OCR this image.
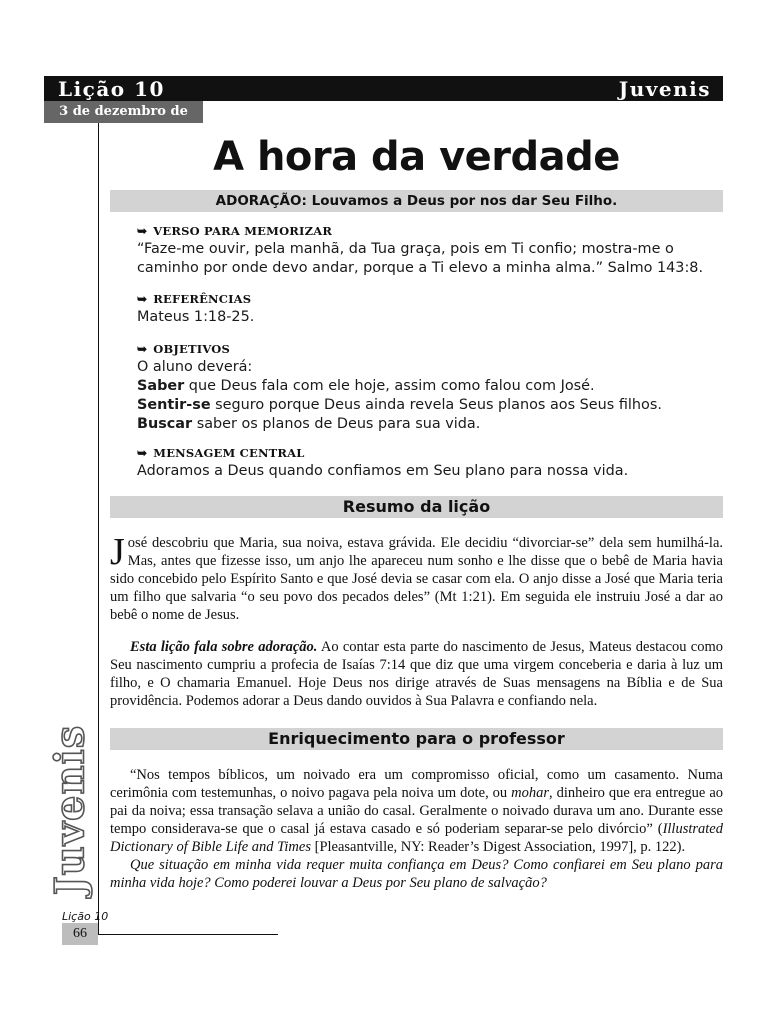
Lição 10	Juvenis
3 de dezembro de 2022
A hora da verdade
ADORAÇÃO: Louvamos a Deus por nos dar Seu Filho.
➥ VERSO PARA MEMORIZAR

“Faze-me ouvir, pela manhã, da Tua graça, pois em Ti confio; mostra-me o caminho por onde devo andar, porque a Ti elevo a minha alma.” Salmo 143:8.

➥ REFERÊNCIAS

Mateus 1:18-25.

➥ OBJETIVOS

O aluno deverá:

Saber que Deus fala com ele hoje, assim como falou com José.

Sentir-se seguro porque Deus ainda revela Seus planos aos Seus filhos.

Buscar saber os planos de Deus para sua vida.

➥ MENSAGEM CENTRAL

Adoramos a Deus quando confiamos em Seu plano para nossa vida.

Resumo da lição

José descobriu que Maria, sua noiva, estava grávida. Ele decidiu “divorciar-se” dela sem humilhá-la. Mas, antes que fizesse isso, um anjo lhe apareceu num sonho e lhe disse que o bebê de Maria havia sido concebido pelo Espírito Santo e que José devia se casar com ela. O anjo disse a José que Maria teria um filho que salvaria “o seu povo dos pecados deles” (Mt 1:21). Em seguida ele instruiu José a dar ao bebê o nome de Jesus.

Esta lição fala sobre adoração. Ao contar esta parte do nascimento de Jesus, Mateus destacou como Seu nascimento cumpriu a profecia de Isaías 7:14 que diz que uma virgem conceberia e daria à luz um filho, e O chamaria Emanuel. Hoje Deus nos dirige através de Suas mensagens na Bíblia e de Sua providência. Podemos adorar a Deus dando ouvidos à Sua Palavra e confiando nela.

Enriquecimento para o professor

“Nos tempos bíblicos, um noivado era um compromisso oficial, como um casamento. Numa cerimônia com testemunhas, o noivo pagava pela noiva um dote, ou mohar, dinheiro que era entregue ao pai da noiva; essa transação selava a união do casal. Geralmente o noivado durava um ano. Durante esse tempo considerava-se que o casal já estava casado e só poderiam separar-se pelo divórcio” (Illustrated Dictionary of Bible Life and Times [Pleasantville, NY: Reader’s Digest Association, 1997], p. 122).

Que situação em minha vida requer muita confiança em Deus? Como confiarei em Seu plano para minha vida hoje? Como poderei louvar a Deus por Seu plano de salvação?

Juvenis
Lição 10
66
